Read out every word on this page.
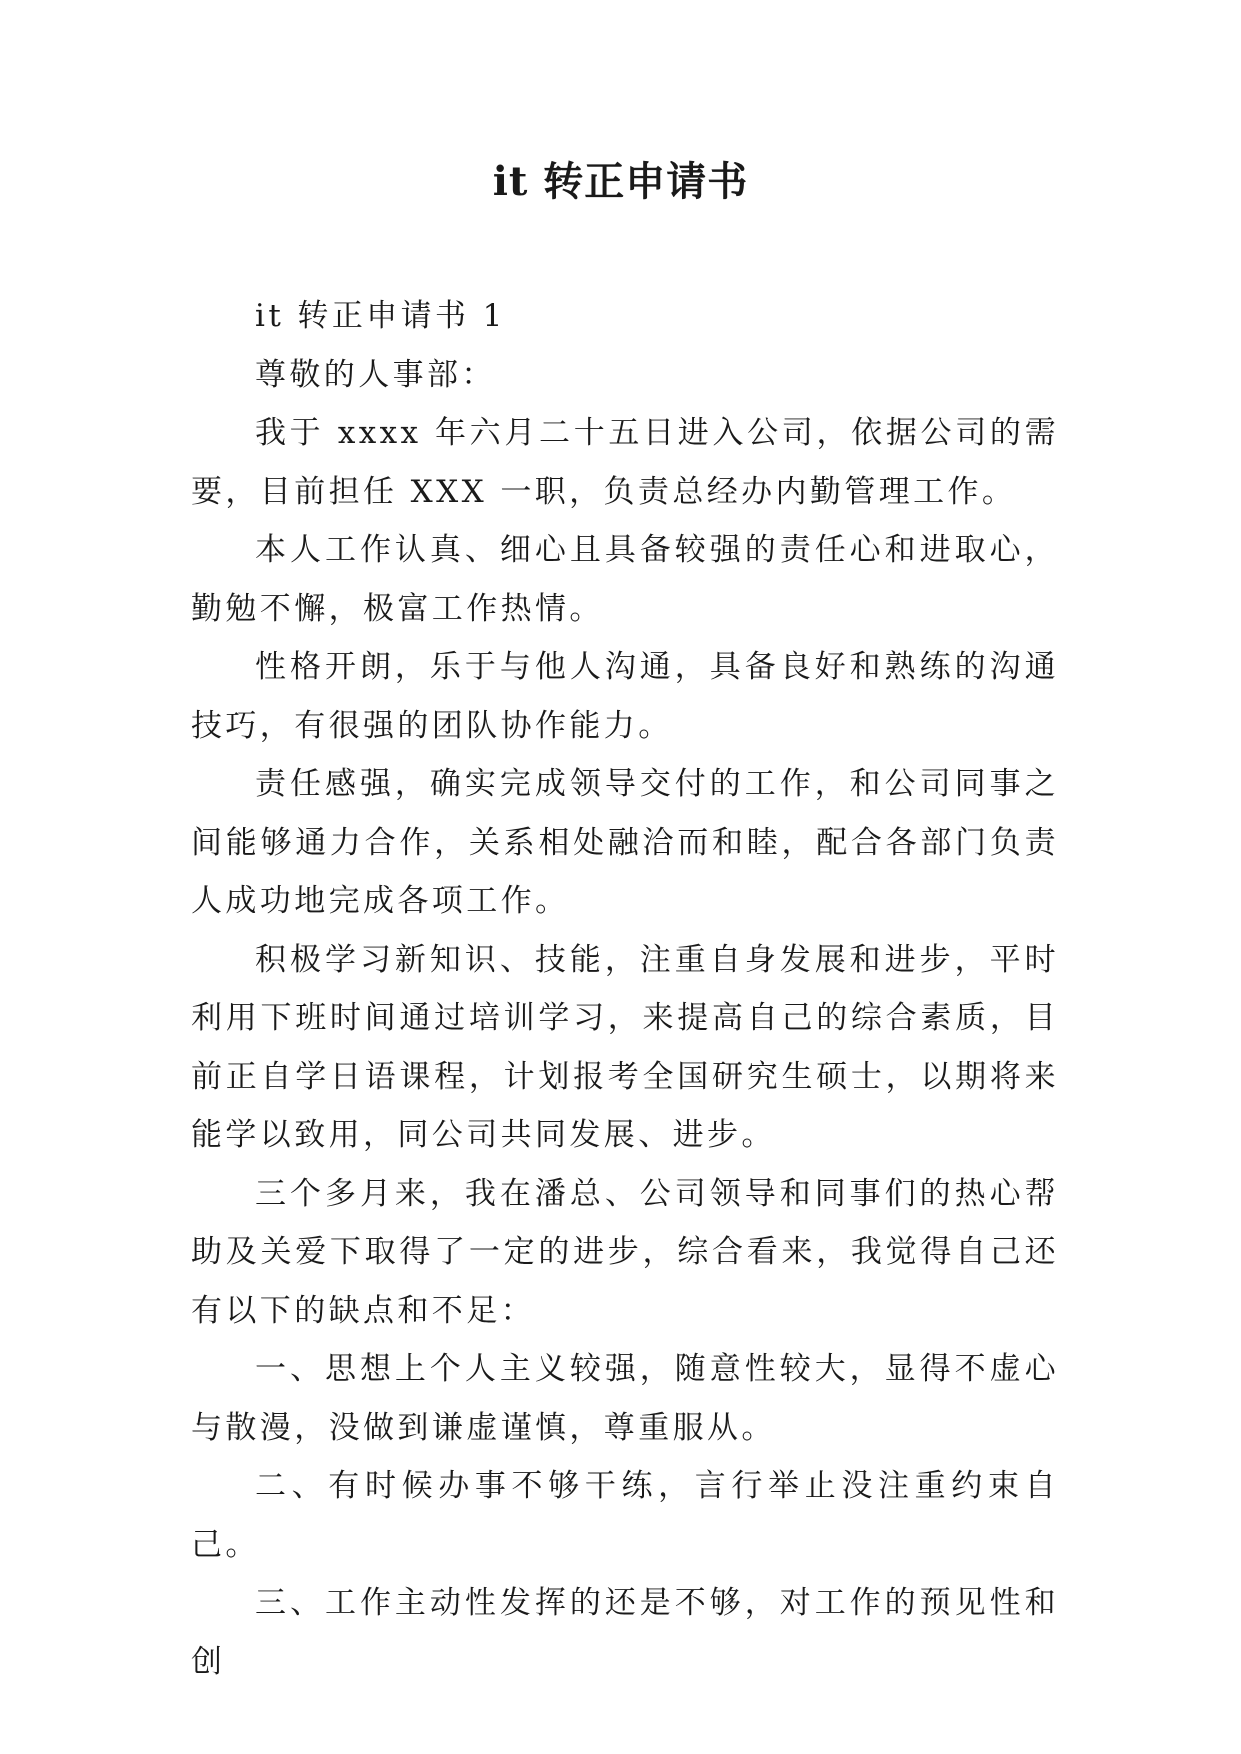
it 转正申请书

it 转正申请书 1

尊敬的人事部：

我于 xxxx 年六月二十五日进入公司，依据公司的需要，目前担任 XXX 一职，负责总经办内勤管理工作。

本人工作认真、细心且具备较强的责任心和进取心，勤勉不懈，极富工作热情。

性格开朗，乐于与他人沟通，具备良好和熟练的沟通技巧，有很强的团队协作能力。

责任感强，确实完成领导交付的工作，和公司同事之间能够通力合作，关系相处融洽而和睦，配合各部门负责人成功地完成各项工作。

积极学习新知识、技能，注重自身发展和进步，平时利用下班时间通过培训学习，来提高自己的综合素质，目前正自学日语课程，计划报考全国研究生硕士，以期将来能学以致用，同公司共同发展、进步。

三个多月来，我在潘总、公司领导和同事们的热心帮助及关爱下取得了一定的进步，综合看来，我觉得自己还有以下的缺点和不足：

一、思想上个人主义较强，随意性较大，显得不虚心与散漫，没做到谦虚谨慎，尊重服从。

二、有时候办事不够干练，言行举止没注重约束自己。

三、工作主动性发挥的还是不够，对工作的预见性和创
